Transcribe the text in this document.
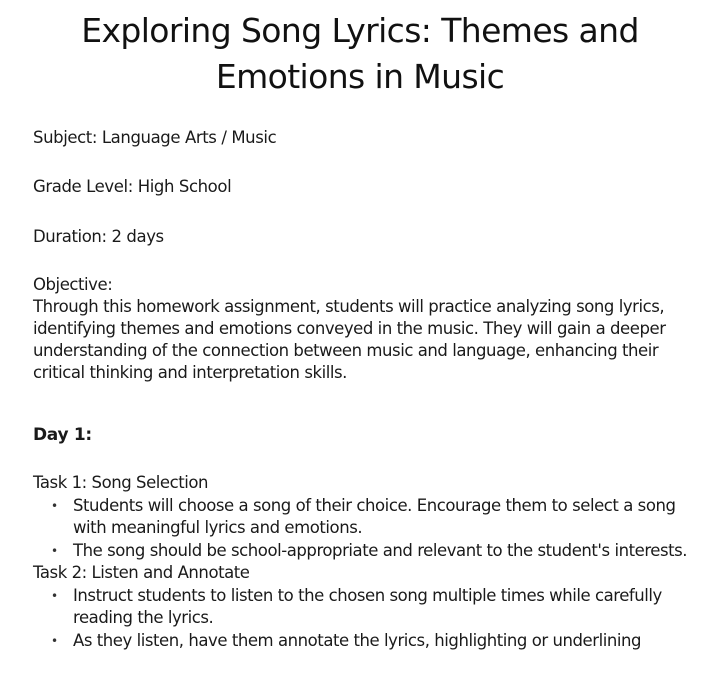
Exploring Song Lyrics: Themes and
Emotions in Music

Subject: Language Arts / Music

Grade Level: High School

Duration: 2 days

Objective:
Through this homework assignment, students will practice analyzing song lyrics, identifying themes and emotions conveyed in the music. They will gain a deeper understanding of the connection between music and language, enhancing their critical thinking and interpretation skills.
Day 1:

Task 1: Song Selection

• Students will choose a song of their choice. Encourage them to select a song with meaningful lyrics and emotions.
• The song should be school-appropriate and relevant to the student's interests.

Task 2: Listen and Annotate

• Instruct students to listen to the chosen song multiple times while carefully reading the lyrics.
• As they listen, have them annotate the lyrics, highlighting or underlining
